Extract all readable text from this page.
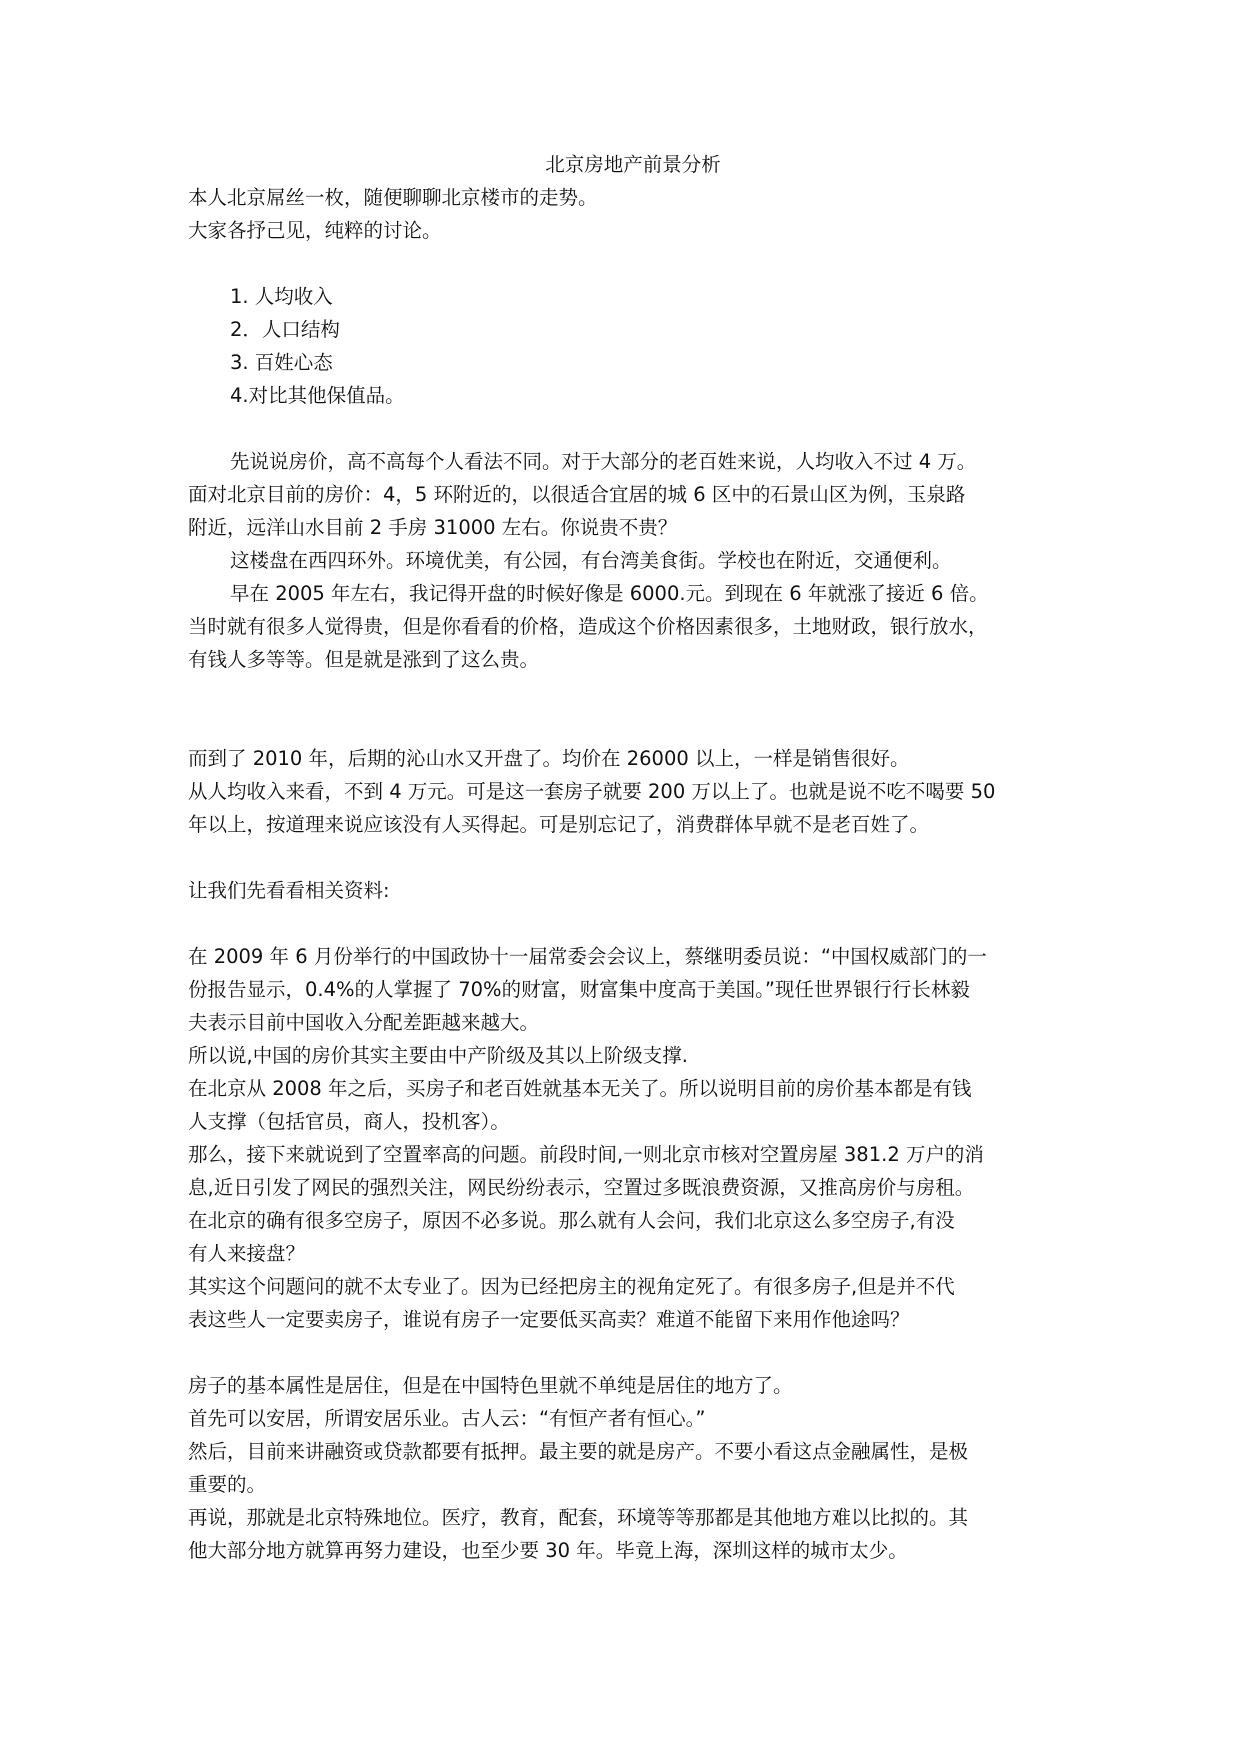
北京房地产前景分析

本人北京屌丝一枚，随便聊聊北京楼市的走势。

大家各抒己见，纯粹的讨论。

1. 人均收入

2．人口结构

3. 百姓心态

4.对比其他保值品。

先说说房价，高不高每个人看法不同。对于大部分的老百姓来说，人均收入不过 4 万。

面对北京目前的房价：4，5 环附近的，以很适合宜居的城 6 区中的石景山区为例，玉泉路

附近，远洋山水目前 2 手房 31000 左右。你说贵不贵？

这楼盘在西四环外。环境优美，有公园，有台湾美食街。学校也在附近，交通便利。

早在 2005 年左右，我记得开盘的时候好像是 6000.元。到现在 6 年就涨了接近 6 倍。

当时就有很多人觉得贵，但是你看看的价格，造成这个价格因素很多，土地财政，银行放水，

有钱人多等等。但是就是涨到了这么贵。

而到了 2010 年，后期的沁山水又开盘了。均价在 26000 以上，一样是销售很好。

从人均收入来看，不到 4 万元。可是这一套房子就要 200 万以上了。也就是说不吃不喝要 50

年以上，按道理来说应该没有人买得起。可是别忘记了，消费群体早就不是老百姓了。

让我们先看看相关资料:

在 2009 年 6 月份举行的中国政协十一届常委会会议上，蔡继明委员说：“中国权威部门的一

份报告显示，0.4%的人掌握了 70%的财富，财富集中度高于美国。”现任世界银行行长林毅

夫表示目前中国收入分配差距越来越大。

所以说,中国的房价其实主要由中产阶级及其以上阶级支撑.

在北京从 2008 年之后，买房子和老百姓就基本无关了。所以说明目前的房价基本都是有钱

人支撑（包括官员，商人，投机客）。

那么，接下来就说到了空置率高的问题。前段时间,一则北京市核对空置房屋 381.2 万户的消

息,近日引发了网民的强烈关注，网民纷纷表示，空置过多既浪费资源，又推高房价与房租。

在北京的确有很多空房子，原因不必多说。那么就有人会问，我们北京这么多空房子,有没

有人来接盘？

其实这个问题问的就不太专业了。因为已经把房主的视角定死了。有很多房子,但是并不代

表这些人一定要卖房子，谁说有房子一定要低买高卖？难道不能留下来用作他途吗？

房子的基本属性是居住，但是在中国特色里就不单纯是居住的地方了。

首先可以安居，所谓安居乐业。古人云：“有恒产者有恒心。”

然后，目前来讲融资或贷款都要有抵押。最主要的就是房产。不要小看这点金融属性，是极

重要的。

再说，那就是北京特殊地位。医疗，教育，配套，环境等等那都是其他地方难以比拟的。其

他大部分地方就算再努力建设，也至少要 30 年。毕竟上海，深圳这样的城市太少。
